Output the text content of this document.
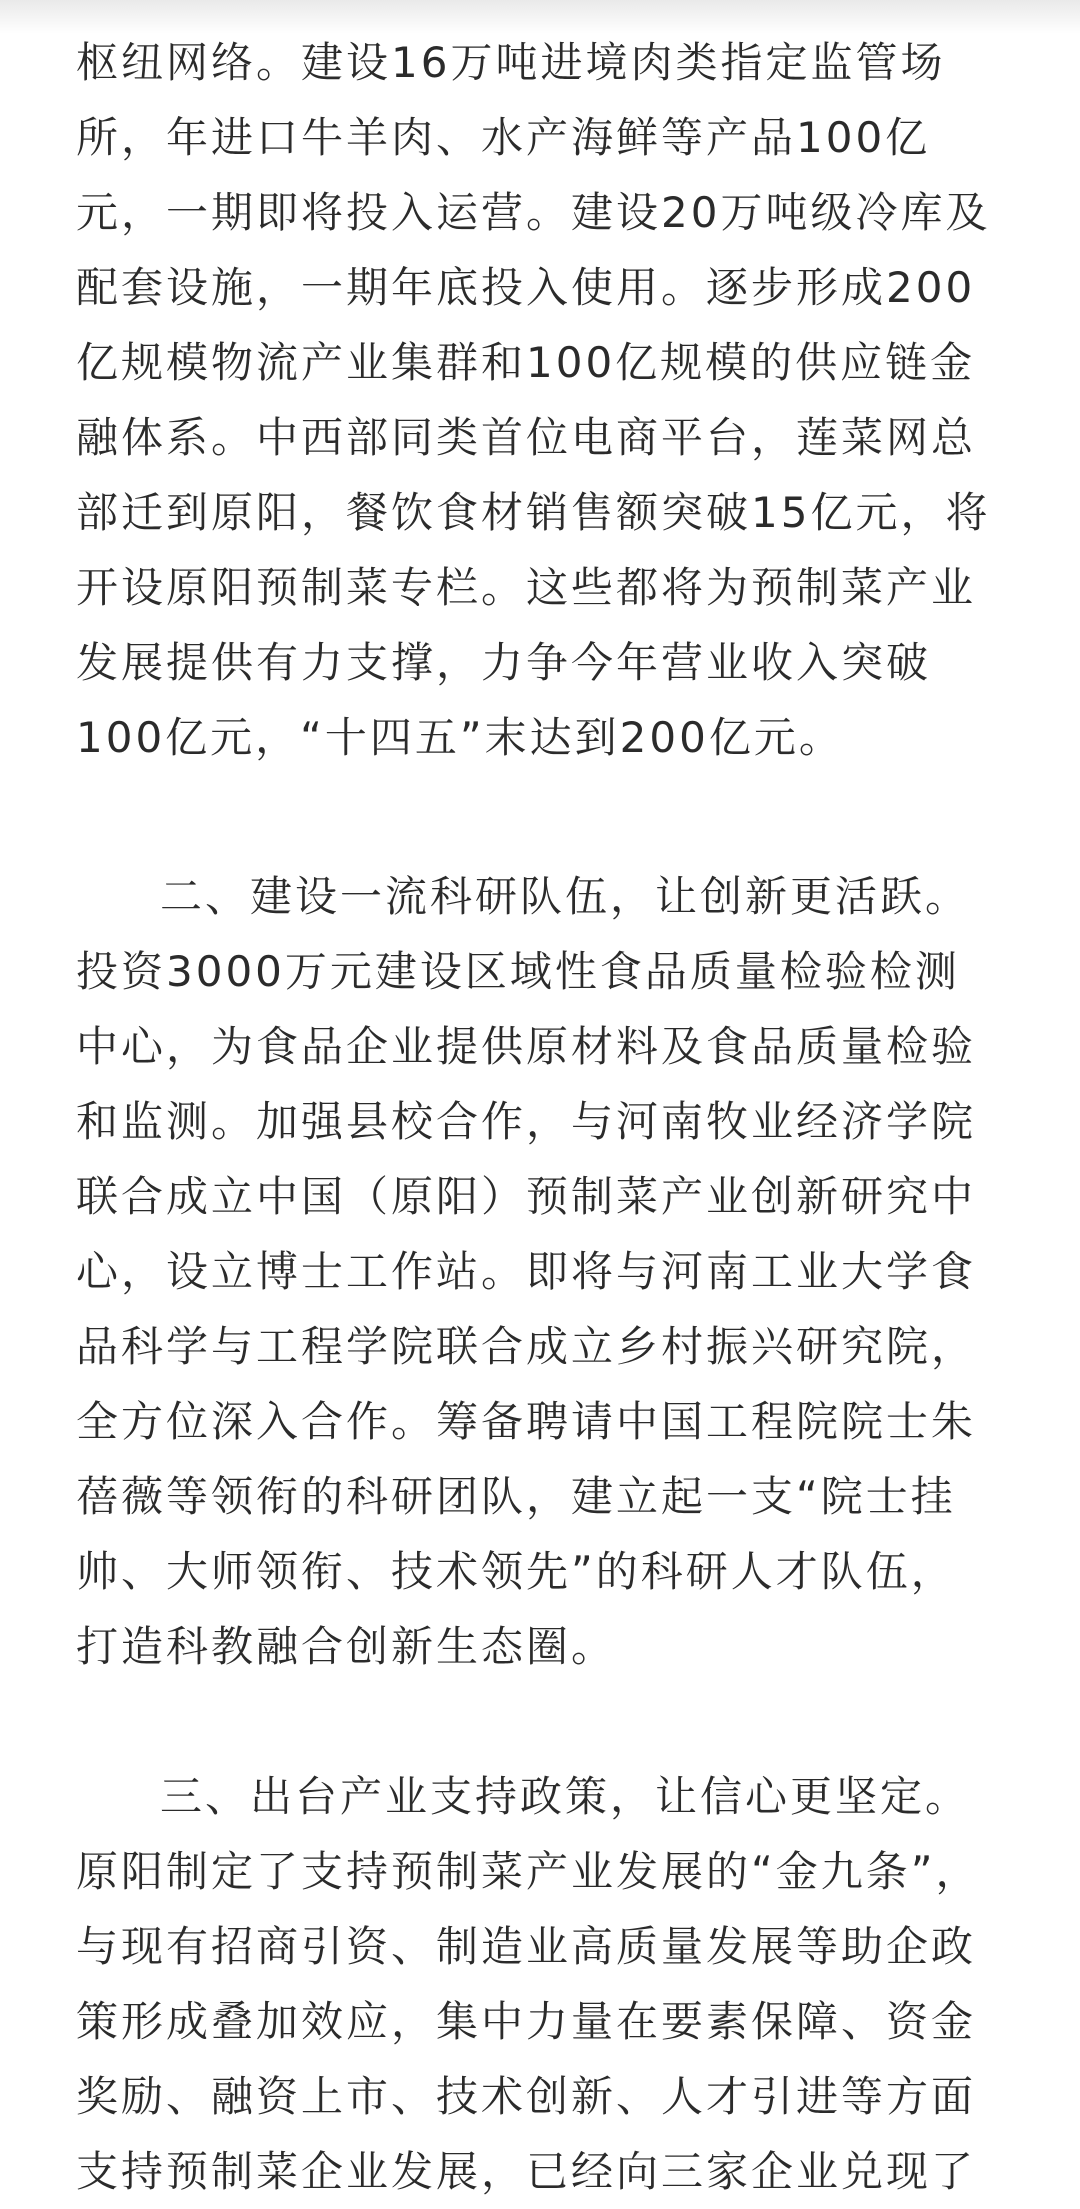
枢纽网络。建设16万吨进境肉类指定监管场
所，年进口牛羊肉、水产海鲜等产品100亿
元，一期即将投入运营。建设20万吨级冷库及
配套设施，一期年底投入使用。逐步形成200
亿规模物流产业集群和100亿规模的供应链金
融体系。中西部同类首位电商平台，莲菜网总
部迁到原阳，餐饮食材销售额突破15亿元，将
开设原阳预制菜专栏。这些都将为预制菜产业
发展提供有力支撑，力争今年营业收入突破
100亿元，“十四五”末达到200亿元。
二、建设一流科研队伍，让创新更活跃。
投资3000万元建设区域性食品质量检验检测
中心，为食品企业提供原材料及食品质量检验
和监测。加强县校合作，与河南牧业经济学院
联合成立中国（原阳）预制菜产业创新研究中
心，设立博士工作站。即将与河南工业大学食
品科学与工程学院联合成立乡村振兴研究院，
全方位深入合作。筹备聘请中国工程院院士朱
蓓薇等领衔的科研团队，建立起一支“院士挂
帅、大师领衔、技术领先”的科研人才队伍，
打造科教融合创新生态圈。
三、出台产业支持政策，让信心更坚定。
原阳制定了支持预制菜产业发展的“金九条”，
与现有招商引资、制造业高质量发展等助企政
策形成叠加效应，集中力量在要素保障、资金
奖励、融资上市、技术创新、人才引进等方面
支持预制菜企业发展，已经向三家企业兑现了
